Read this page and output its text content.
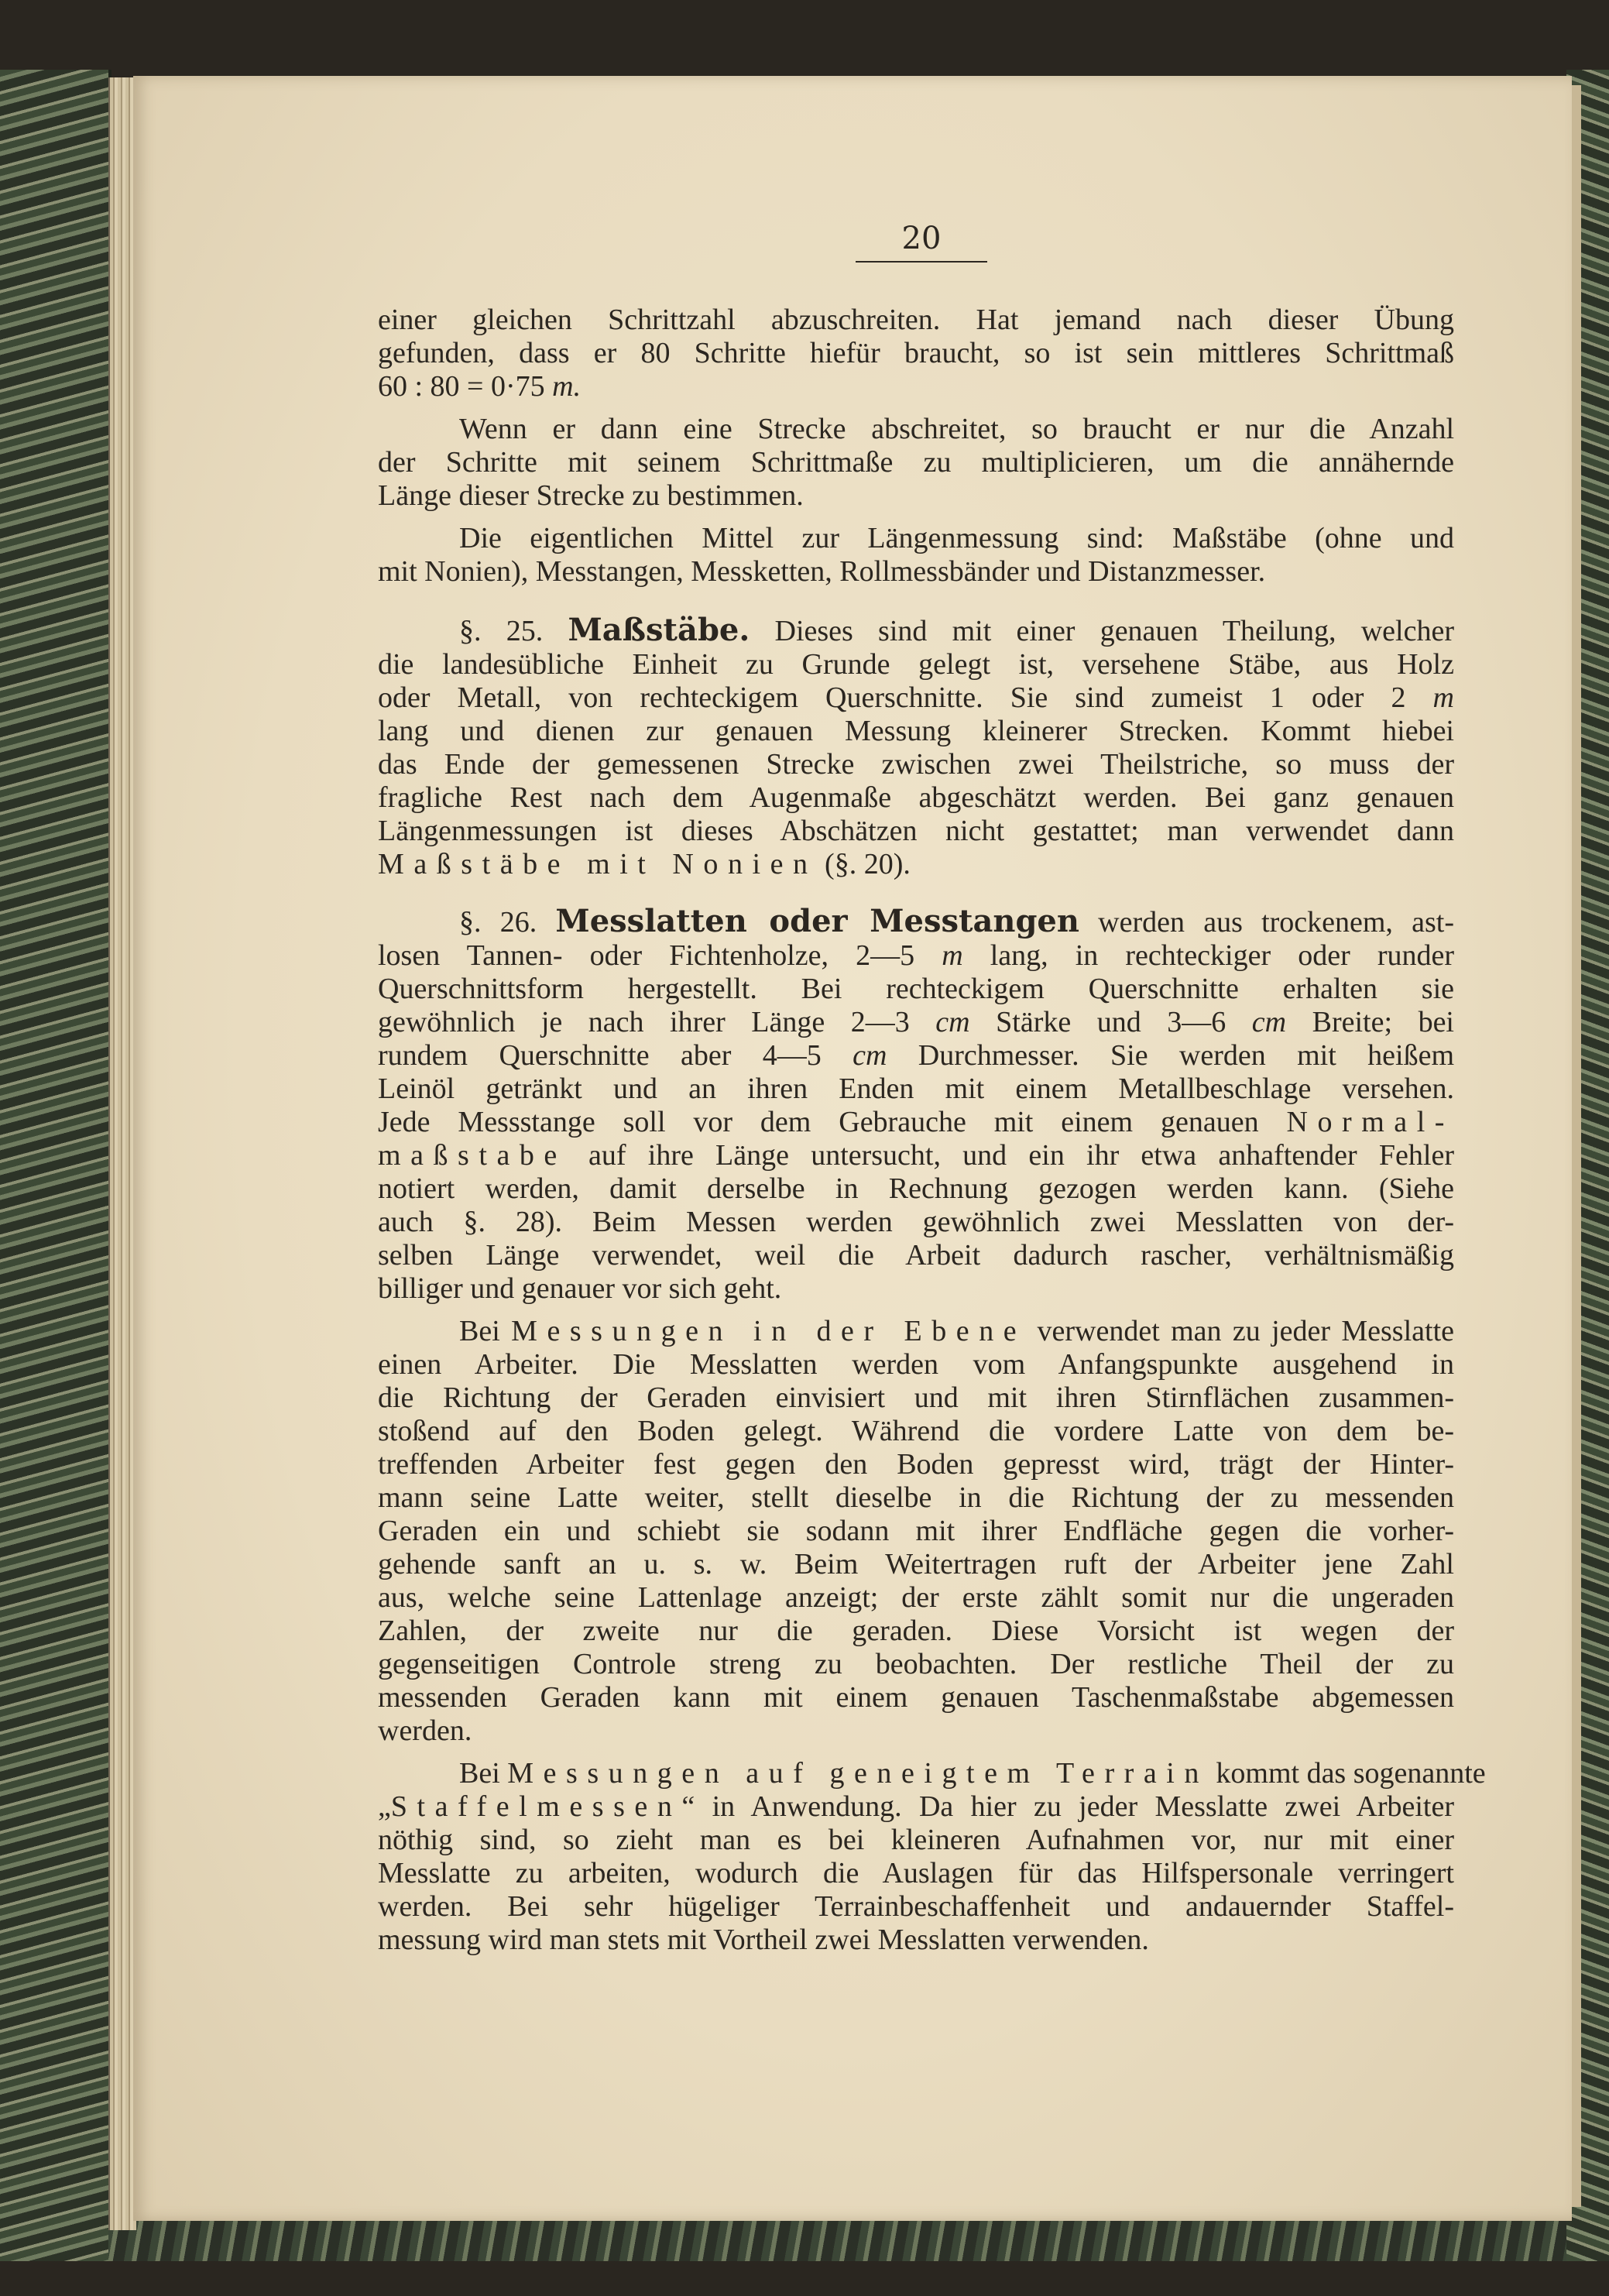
20
einer gleichen Schrittzahl abzuschreiten. Hat jemand nach dieser Übung
gefunden, dass er 80 Schritte hiefür braucht, so ist sein mittleres Schrittmaß
60 : 80 = 0·75 m.
Wenn er dann eine Strecke abschreitet, so braucht er nur die Anzahl
der Schritte mit seinem Schrittmaße zu multiplicieren, um die annähernde
Länge dieser Strecke zu bestimmen.
Die eigentlichen Mittel zur Längenmessung sind: Maßstäbe (ohne und
mit Nonien), Messtangen, Messketten, Rollmessbänder und Distanzmesser.
§. 25. Maßstäbe. Dieses sind mit einer genauen Theilung, welcher
die landesübliche Einheit zu Grunde gelegt ist, versehene Stäbe, aus Holz
oder Metall, von rechteckigem Querschnitte. Sie sind zumeist 1 oder 2 m
lang und dienen zur genauen Messung kleinerer Strecken. Kommt hiebei
das Ende der gemessenen Strecke zwischen zwei Theilstriche, so muss der
fragliche Rest nach dem Augenmaße abgeschätzt werden. Bei ganz genauen
Längenmessungen ist dieses Abschätzen nicht gestattet; man verwendet dann
Maßstäbe mit Nonien (§. 20).
§. 26. Messlatten oder Messtangen werden aus trockenem, ast-
losen Tannen- oder Fichtenholze, 2—5 m lang, in rechteckiger oder runder
Querschnittsform hergestellt. Bei rechteckigem Querschnitte erhalten sie
gewöhnlich je nach ihrer Länge 2—3 cm Stärke und 3—6 cm Breite; bei
rundem Querschnitte aber 4—5 cm Durchmesser. Sie werden mit heißem
Leinöl getränkt und an ihren Enden mit einem Metallbeschlage versehen.
Jede Messstange soll vor dem Gebrauche mit einem genauen Normal-
maßstabe auf ihre Länge untersucht, und ein ihr etwa anhaftender Fehler
notiert werden, damit derselbe in Rechnung gezogen werden kann. (Siehe
auch §. 28). Beim Messen werden gewöhnlich zwei Messlatten von der-
selben Länge verwendet, weil die Arbeit dadurch rascher, verhältnismäßig
billiger und genauer vor sich geht.
Bei Messungen in der Ebene verwendet man zu jeder Messlatte
einen Arbeiter. Die Messlatten werden vom Anfangspunkte ausgehend in
die Richtung der Geraden einvisiert und mit ihren Stirnflächen zusammen-
stoßend auf den Boden gelegt. Während die vordere Latte von dem be-
treffenden Arbeiter fest gegen den Boden gepresst wird, trägt der Hinter-
mann seine Latte weiter, stellt dieselbe in die Richtung der zu messenden
Geraden ein und schiebt sie sodann mit ihrer Endfläche gegen die vorher-
gehende sanft an u. s. w. Beim Weitertragen ruft der Arbeiter jene Zahl
aus, welche seine Lattenlage anzeigt; der erste zählt somit nur die ungeraden
Zahlen, der zweite nur die geraden. Diese Vorsicht ist wegen der
gegenseitigen Controle streng zu beobachten. Der restliche Theil der zu
messenden Geraden kann mit einem genauen Taschenmaßstabe abgemessen
werden.
Bei Messungen auf geneigtem Terrain kommt das sogenannte
„Staffelmessen“ in Anwendung. Da hier zu jeder Messlatte zwei Arbeiter
nöthig sind, so zieht man es bei kleineren Aufnahmen vor, nur mit einer
Messlatte zu arbeiten, wodurch die Auslagen für das Hilfspersonale verringert
werden. Bei sehr hügeliger Terrainbeschaffenheit und andauernder Staffel-
messung wird man stets mit Vortheil zwei Messlatten verwenden.
